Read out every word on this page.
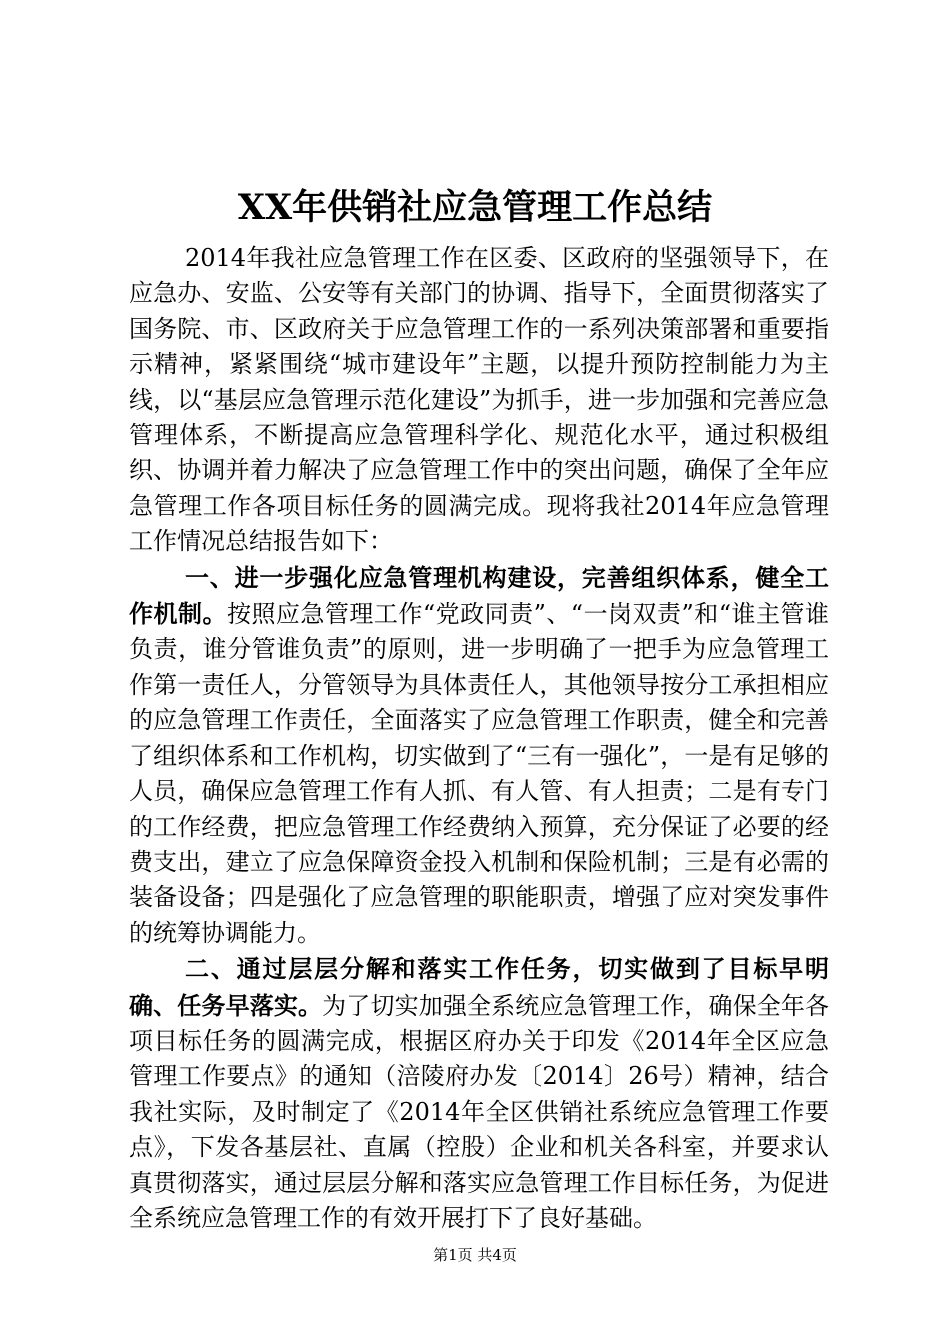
XX年供销社应急管理工作总结

2014年我社应急管理工作在区委、区政府的坚强领导下，在应急办、安监、公安等有关部门的协调、指导下，全面贯彻落实了国务院、市、区政府关于应急管理工作的一系列决策部署和重要指示精神，紧紧围绕“城市建设年”主题，以提升预防控制能力为主线，以“基层应急管理示范化建设”为抓手，进一步加强和完善应急管理体系，不断提高应急管理科学化、规范化水平，通过积极组织、协调并着力解决了应急管理工作中的突出问题，确保了全年应急管理工作各项目标任务的圆满完成。现将我社2014年应急管理工作情况总结报告如下：

一、进一步强化应急管理机构建设，完善组织体系，健全工作机制。按照应急管理工作“党政同责”、“一岗双责”和“谁主管谁负责，谁分管谁负责”的原则，进一步明确了一把手为应急管理工作第一责任人，分管领导为具体责任人，其他领导按分工承担相应的应急管理工作责任，全面落实了应急管理工作职责，健全和完善了组织体系和工作机构，切实做到了“三有一强化”，一是有足够的人员，确保应急管理工作有人抓、有人管、有人担责；二是有专门的工作经费，把应急管理工作经费纳入预算，充分保证了必要的经费支出，建立了应急保障资金投入机制和保险机制；三是有必需的装备设备；四是强化了应急管理的职能职责，增强了应对突发事件的统筹协调能力。

二、通过层层分解和落实工作任务，切实做到了目标早明确、任务早落实。为了切实加强全系统应急管理工作，确保全年各项目标任务的圆满完成，根据区府办关于印发《2014年全区应急管理工作要点》的通知（涪陵府办发〔2014〕26号）精神，结合我社实际，及时制定了《2014年全区供销社系统应急管理工作要点》，下发各基层社、直属（控股）企业和机关各科室，并要求认真贯彻落实，通过层层分解和落实应急管理工作目标任务，为促进全系统应急管理工作的有效开展打下了良好基础。

第1页 共4页
